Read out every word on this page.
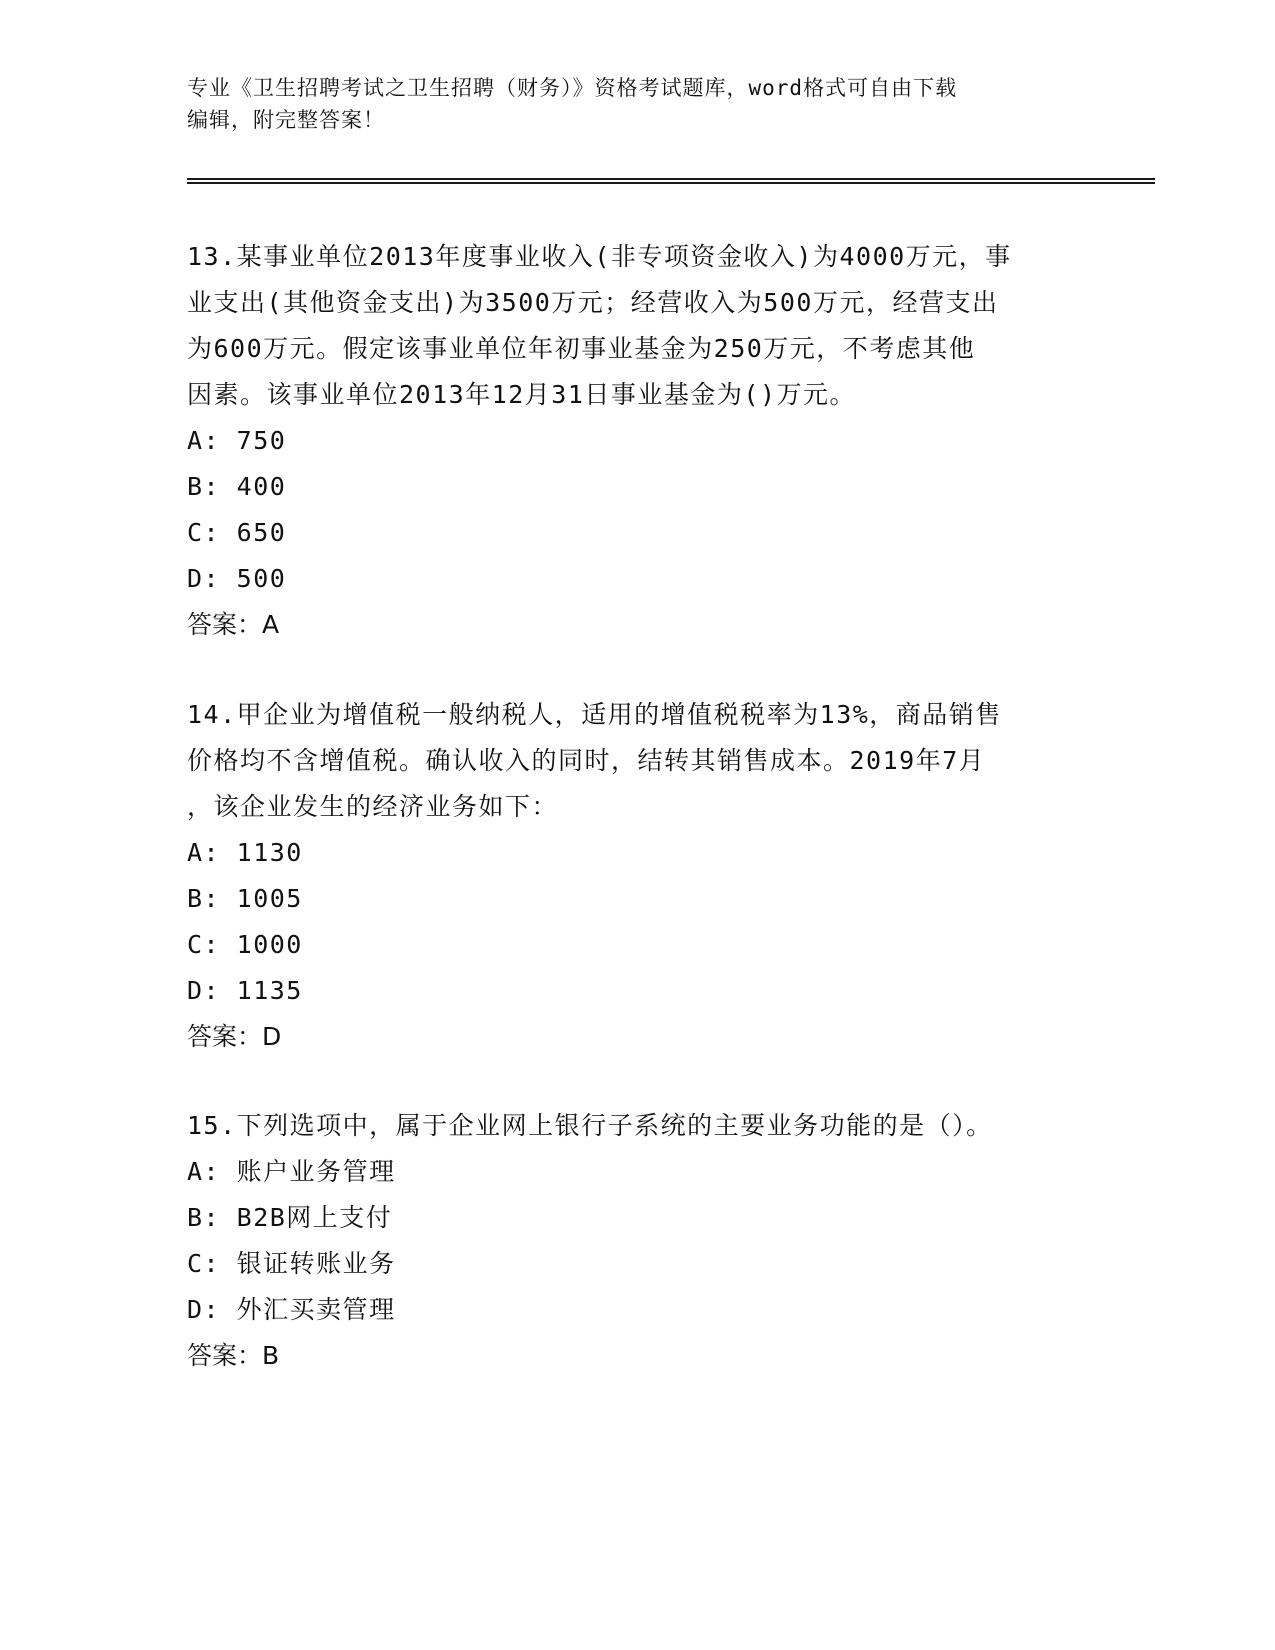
专业《卫生招聘考试之卫生招聘（财务）》资格考试题库，word格式可自由下载
编辑，附完整答案！
13.某事业单位2013年度事业收入(非专项资金收入)为4000万元，事
业支出(其他资金支出)为3500万元；经营收入为500万元，经营支出
为600万元。假定该事业单位年初事业基金为250万元，不考虑其他
因素。该事业单位2013年12月31日事业基金为()万元。
A: 750
B: 400
C: 650
D: 500
答案：A
14.甲企业为增值税一般纳税人，适用的增值税税率为13%，商品销售
价格均不含增值税。确认收入的同时，结转其销售成本。2019年7月
，该企业发生的经济业务如下：
A: 1130
B: 1005
C: 1000
D: 1135
答案：D
15.下列选项中，属于企业网上银行子系统的主要业务功能的是（）。
A: 账户业务管理
B: B2B网上支付
C: 银证转账业务
D: 外汇买卖管理
答案：B
